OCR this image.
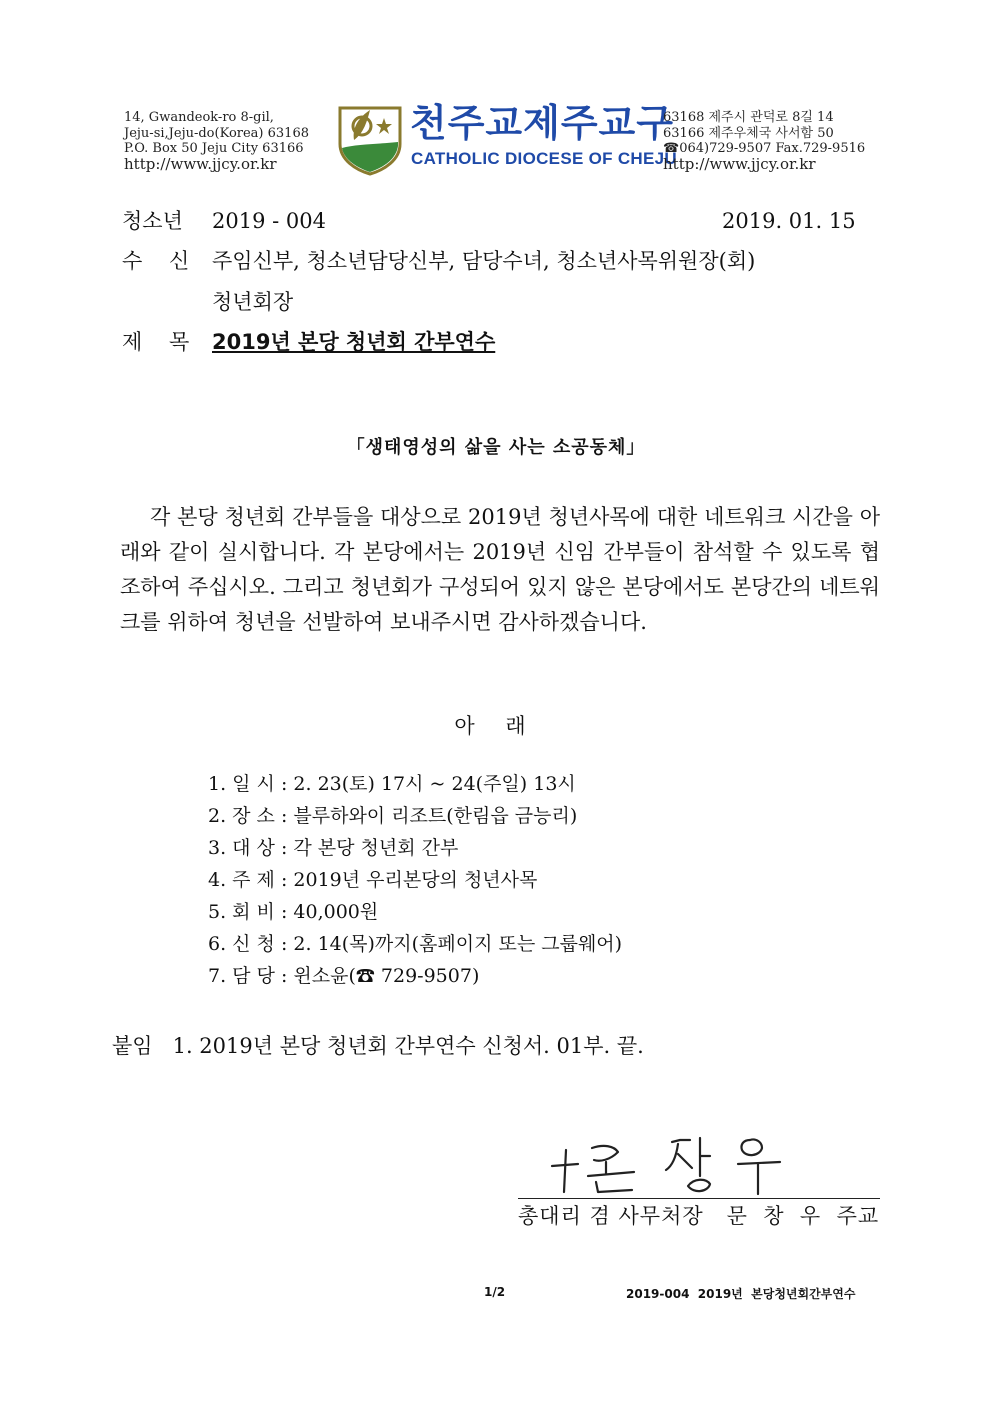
14, Gwandeok-ro 8-gil,
Jeju-si,Jeju-do(Korea) 63168
P.O. Box 50 Jeju City 63166
http://www.jjcy.or.kr
천주교제주교구
CATHOLIC DIOCESE OF CHEJU
63168 제주시 관덕로 8길 14
63166 제주우체국 사서함 50
☎064)729-9507 Fax.729-9516
http://www.jjcy.or.kr
청소년 2019 - 004	2019. 01. 15
수    신 주임신부, 청소년담당신부, 담당수녀, 청소년사목위원장(회)
청년회장
제    목 2019년 본당 청년회 간부연수
「생태영성의 삶을 사는 소공동체」

각 본당 청년회 간부들을 대상으로 2019년 청년사목에 대한 네트워크 시간을 아래와 같이 실시합니다. 각 본당에서는 2019년 신임 간부들이 참석할 수 있도록 협조하여 주십시오. 그리고 청년회가 구성되어 있지 않은 본당에서도 본당간의 네트워크를 위하여 청년을 선발하여 보내주시면 감사하겠습니다.

아 래
1. 일 시 : 2. 23(토) 17시 ~ 24(주일) 13시
2. 장 소 : 블루하와이 리조트(한림읍 금능리)
3. 대 상 : 각 본당 청년회 간부
4. 주 제 : 2019년 우리본당의 청년사목
5. 회 비 : 40,000원
6. 신 청 : 2. 14(목)까지(홈페이지 또는 그룹웨어)
7. 담 당 : 윈소윤(☎ 729-9507)
붙임   1. 2019년 본당 청년회 간부연수 신청서. 01부. 끝.
총대리 겸 사무처장   문  창  우  주교
1/2	2019-004  2019년  본당청년회간부연수
